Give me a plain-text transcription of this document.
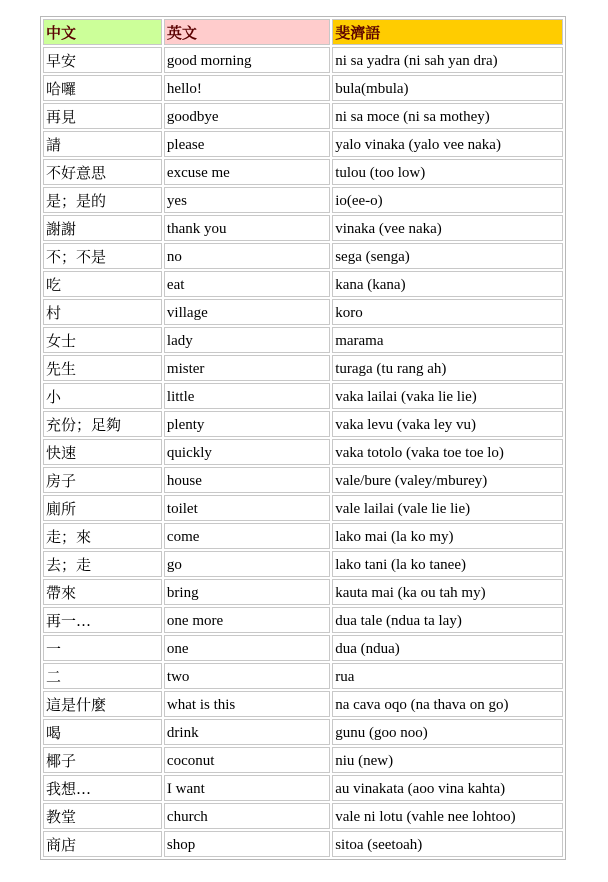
中文	英文	斐濟語
早安	good morning	ni sa yadra (ni sah yan dra)
哈囉	hello!	bula(mbula)
再見	goodbye	ni sa moce (ni sa mothey)
請	please	yalo vinaka (yalo vee naka)
不好意思	excuse me	tulou (too low)
是；是的	yes	io(ee-o)
謝謝	thank you	vinaka (vee naka)
不；不是	no	sega (senga)
吃	eat	kana (kana)
村	village	koro
女士	lady	marama
先生	mister	turaga (tu rang ah)
小	little	vaka lailai (vaka lie lie)
充份；足夠	plenty	vaka levu (vaka ley vu)
快速	quickly	vaka totolo (vaka toe toe lo)
房子	house	vale/bure (valey/mburey)
廁所	toilet	vale lailai (vale lie lie)
走；來	come	lako mai (la ko my)
去；走	go	lako tani (la ko tanee)
帶來	bring	kauta mai (ka ou tah my)
再一…	one more	dua tale (ndua ta lay)
一	one	dua (ndua)
二	two	rua
這是什麼	what is this	na cava oqo (na thava on go)
喝	drink	gunu (goo noo)
椰子	coconut	niu (new)
我想…	I want	au vinakata (aoo vina kahta)
教堂	church	vale ni lotu (vahle nee lohtoo)
商店	shop	sitoa (seetoah)
